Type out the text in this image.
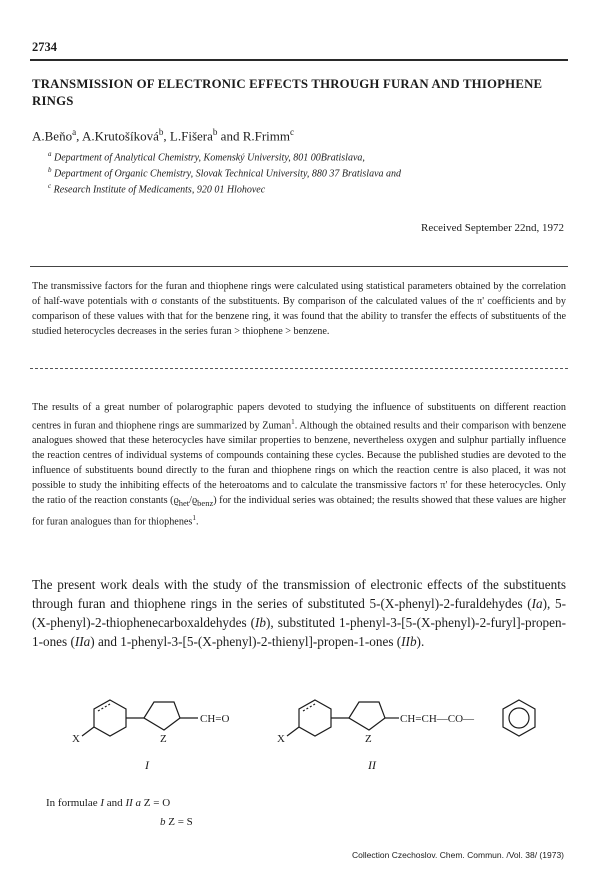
2734
TRANSMISSION OF ELECTRONIC EFFECTS THROUGH FURAN AND THIOPHENE RINGS
A.Beňo$^a$, A.Krutošíková$^b$, L.Fišera$^b$ and R.Frimm$^c$
$^a$ Department of Analytical Chemistry, Komenský University, 801 00Bratislava,
$^b$ Department of Organic Chemistry, Slovak Technical University, 880 37 Bratislava and
$^c$ Research Institute of Medicaments, 920 01 Hlohovec
Received September 22nd, 1972
The transmissive factors for the furan and thiophene rings were calculated using statistical parameters obtained by the correlation of half-wave potentials with σ constants of the substituents. By comparison of the calculated values of the π' coefficients and by comparison of these values with that for the benzene ring, it was found that the ability to transfer the effects of substituents of the studied heterocycles decreases in the series furan > thiophene > benzene.
The results of a great number of polarographic papers devoted to studying the influence of substituents on different reaction centres in furan and thiophene rings are summarized by Zuman$^1$. Although the obtained results and their comparison with benzene analogues showed that these heterocycles have similar properties to benzene, nevertheless oxygen and sulphur partially influence the reaction centres of individual systems of compounds containing these cycles. Because the published studies are devoted to the influence of substituents bound directly to the furan and thiophene rings on which the reaction centre is also placed, it was not possible to study the inhibiting effects of the heteroatoms and to calculate the transmissive factors π' for these heterocycles. Only the ratio of the reaction constants $(ϱ_{het}/ϱ_{benz})$ for the individual series was obtained; the results showed that these values are higher for furan analogues than for thiophenes$^1$.
The present work deals with the study of the transmission of electronic effects of the substituents through furan and thiophene rings in the series of substituted 5-(X-phenyl)-2-furaldehydes (Ia), 5-(X-phenyl)-2-thiophenecarboxaldehydes (Ib), substituted 1-phenyl-3-[5-(X-phenyl)-2-furyl]-propen-1-ones (IIa) and 1-phenyl-3-[5-(X-phenyl)-2-thienyl]-propen-1-ones (IIb).
X	Z
CH=O
I
X	Z
CH=CH—CO—
II
In formulae I and II a Z = O
b Z = S
Collection Czechoslov. Chem. Commun. /Vol. 38/ (1973)
